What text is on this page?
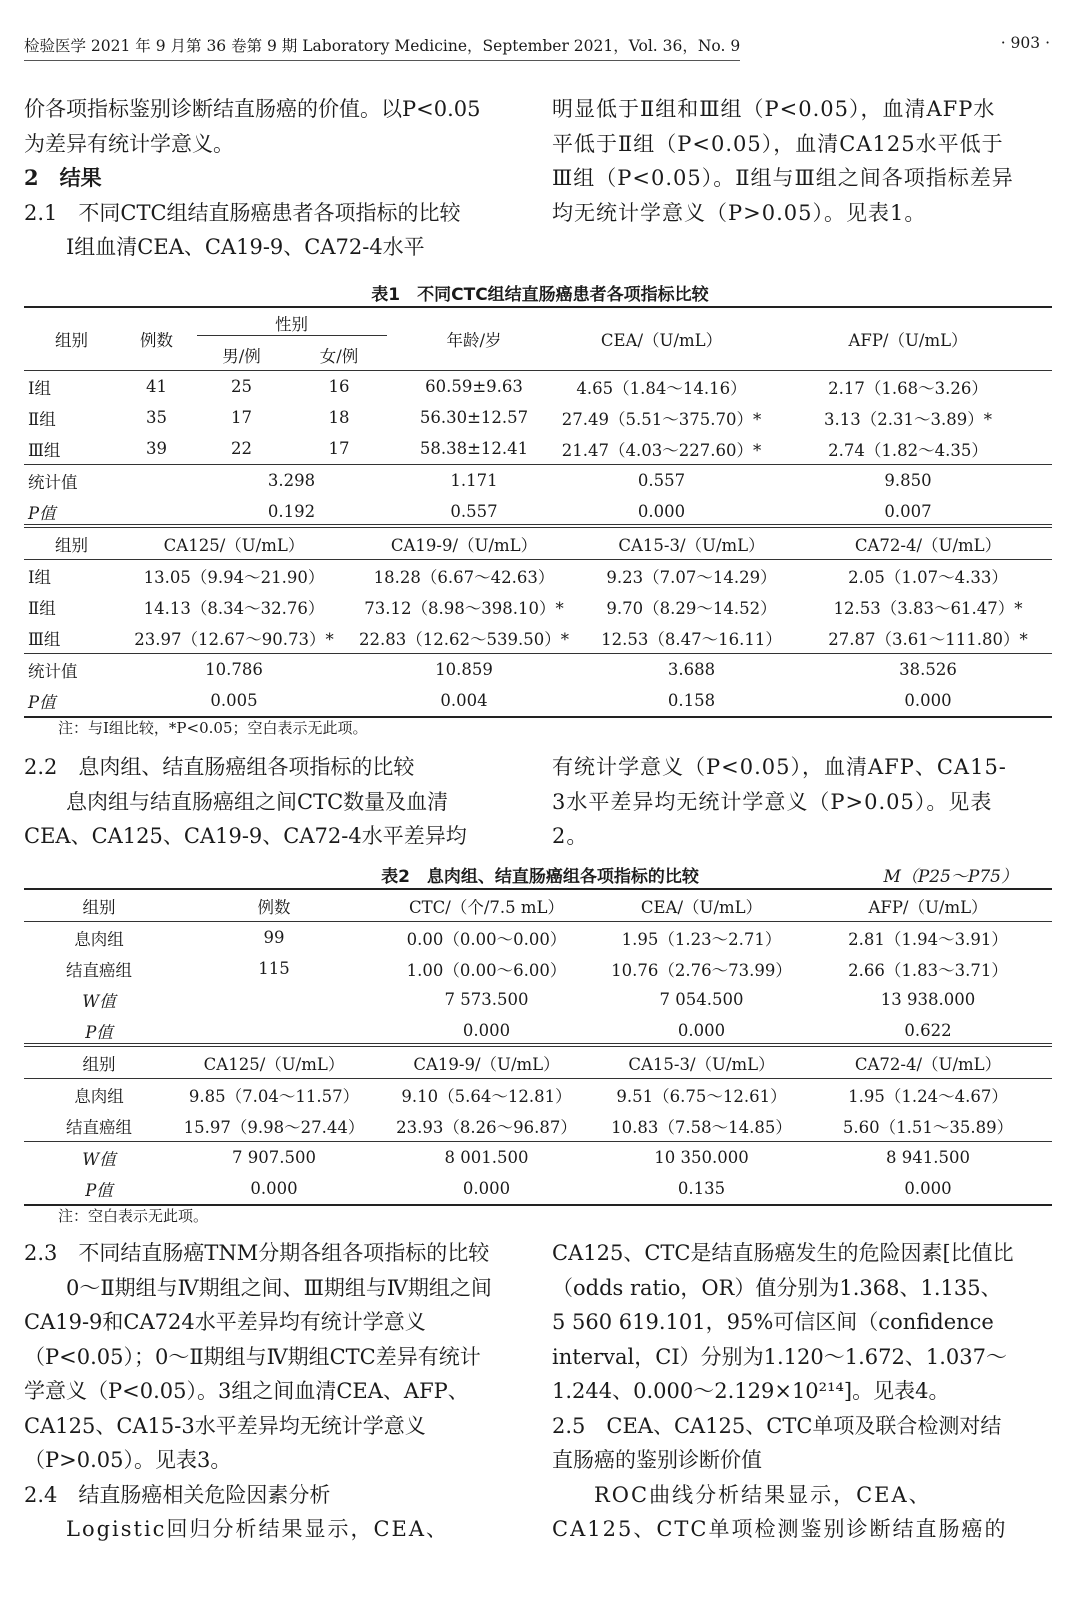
检验医学 2021 年 9 月第 36 卷第 9 期 Laboratory Medicine，September 2021，Vol. 36，No. 9	· 903 ·

价各项指标鉴别诊断结直肠癌的价值。以P<0.05为差异有统计学意义。

2　结果

2.1　不同CTC组结直肠癌患者各项指标的比较

Ⅰ组血清CEA、CA19-9、CA72-4水平

明显低于Ⅱ组和Ⅲ组（P<0.05），血清AFP水平低于Ⅱ组（P<0.05），血清CA125水平低于Ⅲ组（P<0.05）。Ⅱ组与Ⅲ组之间各项指标差异均无统计学意义（P>0.05）。见表1。

表1　不同CTC组结直肠癌患者各项指标比较
组别	例数	性别		年龄/岁	CEA/（U/mL）	AFP/（U/mL）
		男/例	女/例			
Ⅰ组	41	25	16	60.59±9.63	4.65（1.84～14.16）	2.17（1.68～3.26）
Ⅱ组	35	17	18	56.30±12.57	27.49（5.51～375.70）*	3.13（2.31～3.89）*
Ⅲ组	39	22	17	58.38±12.41	21.47（4.03～227.60）*	2.74（1.82～4.35）
统计值		3.298		1.171	0.557	9.850
P值		0.192		0.557	0.000	0.007
组别	CA125/（U/mL）	CA19-9/（U/mL）	CA15-3/（U/mL）	CA72-4/（U/mL）
Ⅰ组	13.05（9.94～21.90）	18.28（6.67～42.63）	9.23（7.07～14.29）	2.05（1.07～4.33）
Ⅱ组	14.13（8.34～32.76）	73.12（8.98～398.10）*	9.70（8.29～14.52）	12.53（3.83～61.47）*
Ⅲ组	23.97（12.67～90.73）*	22.83（12.62～539.50）*	12.53（8.47～16.11）	27.87（3.61～111.80）*
统计值	10.786	10.859	3.688	38.526
P值	0.005	0.004	0.158	0.000
注：与Ⅰ组比较，*P<0.05；空白表示无此项。

2.2　息肉组、结直肠癌组各项指标的比较

息肉组与结直肠癌组之间CTC数量及血清CEA、CA125、CA19-9、CA72-4水平差异均

有统计学意义（P<0.05），血清AFP、CA15-3水平差异均无统计学意义（P>0.05）。见表2。

表2　息肉组、结直肠癌组各项指标的比较	M（P25～P75）
组别	例数	CTC/（个/7.5 mL）	CEA/（U/mL）	AFP/（U/mL）
息肉组	99	0.00（0.00～0.00）	1.95（1.23～2.71）	2.81（1.94～3.91）
结直癌组	115	1.00（0.00～6.00）	10.76（2.76～73.99）	2.66（1.83～3.71）
W值		7 573.500	7 054.500	13 938.000
P值		0.000	0.000	0.622
组别	CA125/（U/mL）	CA19-9/（U/mL）	CA15-3/（U/mL）	CA72-4/（U/mL）
息肉组	9.85（7.04～11.57）	9.10（5.64～12.81）	9.51（6.75～12.61）	1.95（1.24～4.67）
结直癌组	15.97（9.98～27.44）	23.93（8.26～96.87）	10.83（7.58～14.85）	5.60（1.51～35.89）
W值	7 907.500	8 001.500	10 350.000	8 941.500
P值	0.000	0.000	0.135	0.000
注：空白表示无此项。

2.3　不同结直肠癌TNM分期各组各项指标的比较

0～Ⅱ期组与Ⅳ期组之间、Ⅲ期组与Ⅳ期组之间CA19-9和CA724水平差异均有统计学意义（P<0.05）；0～Ⅱ期组与Ⅳ期组CTC差异有统计学意义（P<0.05）。3组之间血清CEA、AFP、CA125、CA15-3水平差异均无统计学意义（P>0.05）。见表3。

2.4　结直肠癌相关危险因素分析

Logistic回归分析结果显示，CEA、

CA125、CTC是结直肠癌发生的危险因素[比值比（odds ratio，OR）值分别为1.368、1.135、5 560 619.101，95%可信区间（confidence interval，CI）分别为1.120～1.672、1.037～1.244、0.000～2.129×10²¹⁴]。见表4。

2.5　CEA、CA125、CTC单项及联合检测对结直肠癌的鉴别诊断价值

ROC曲线分析结果显示，CEA、CA125、CTC单项检测鉴别诊断结直肠癌的
